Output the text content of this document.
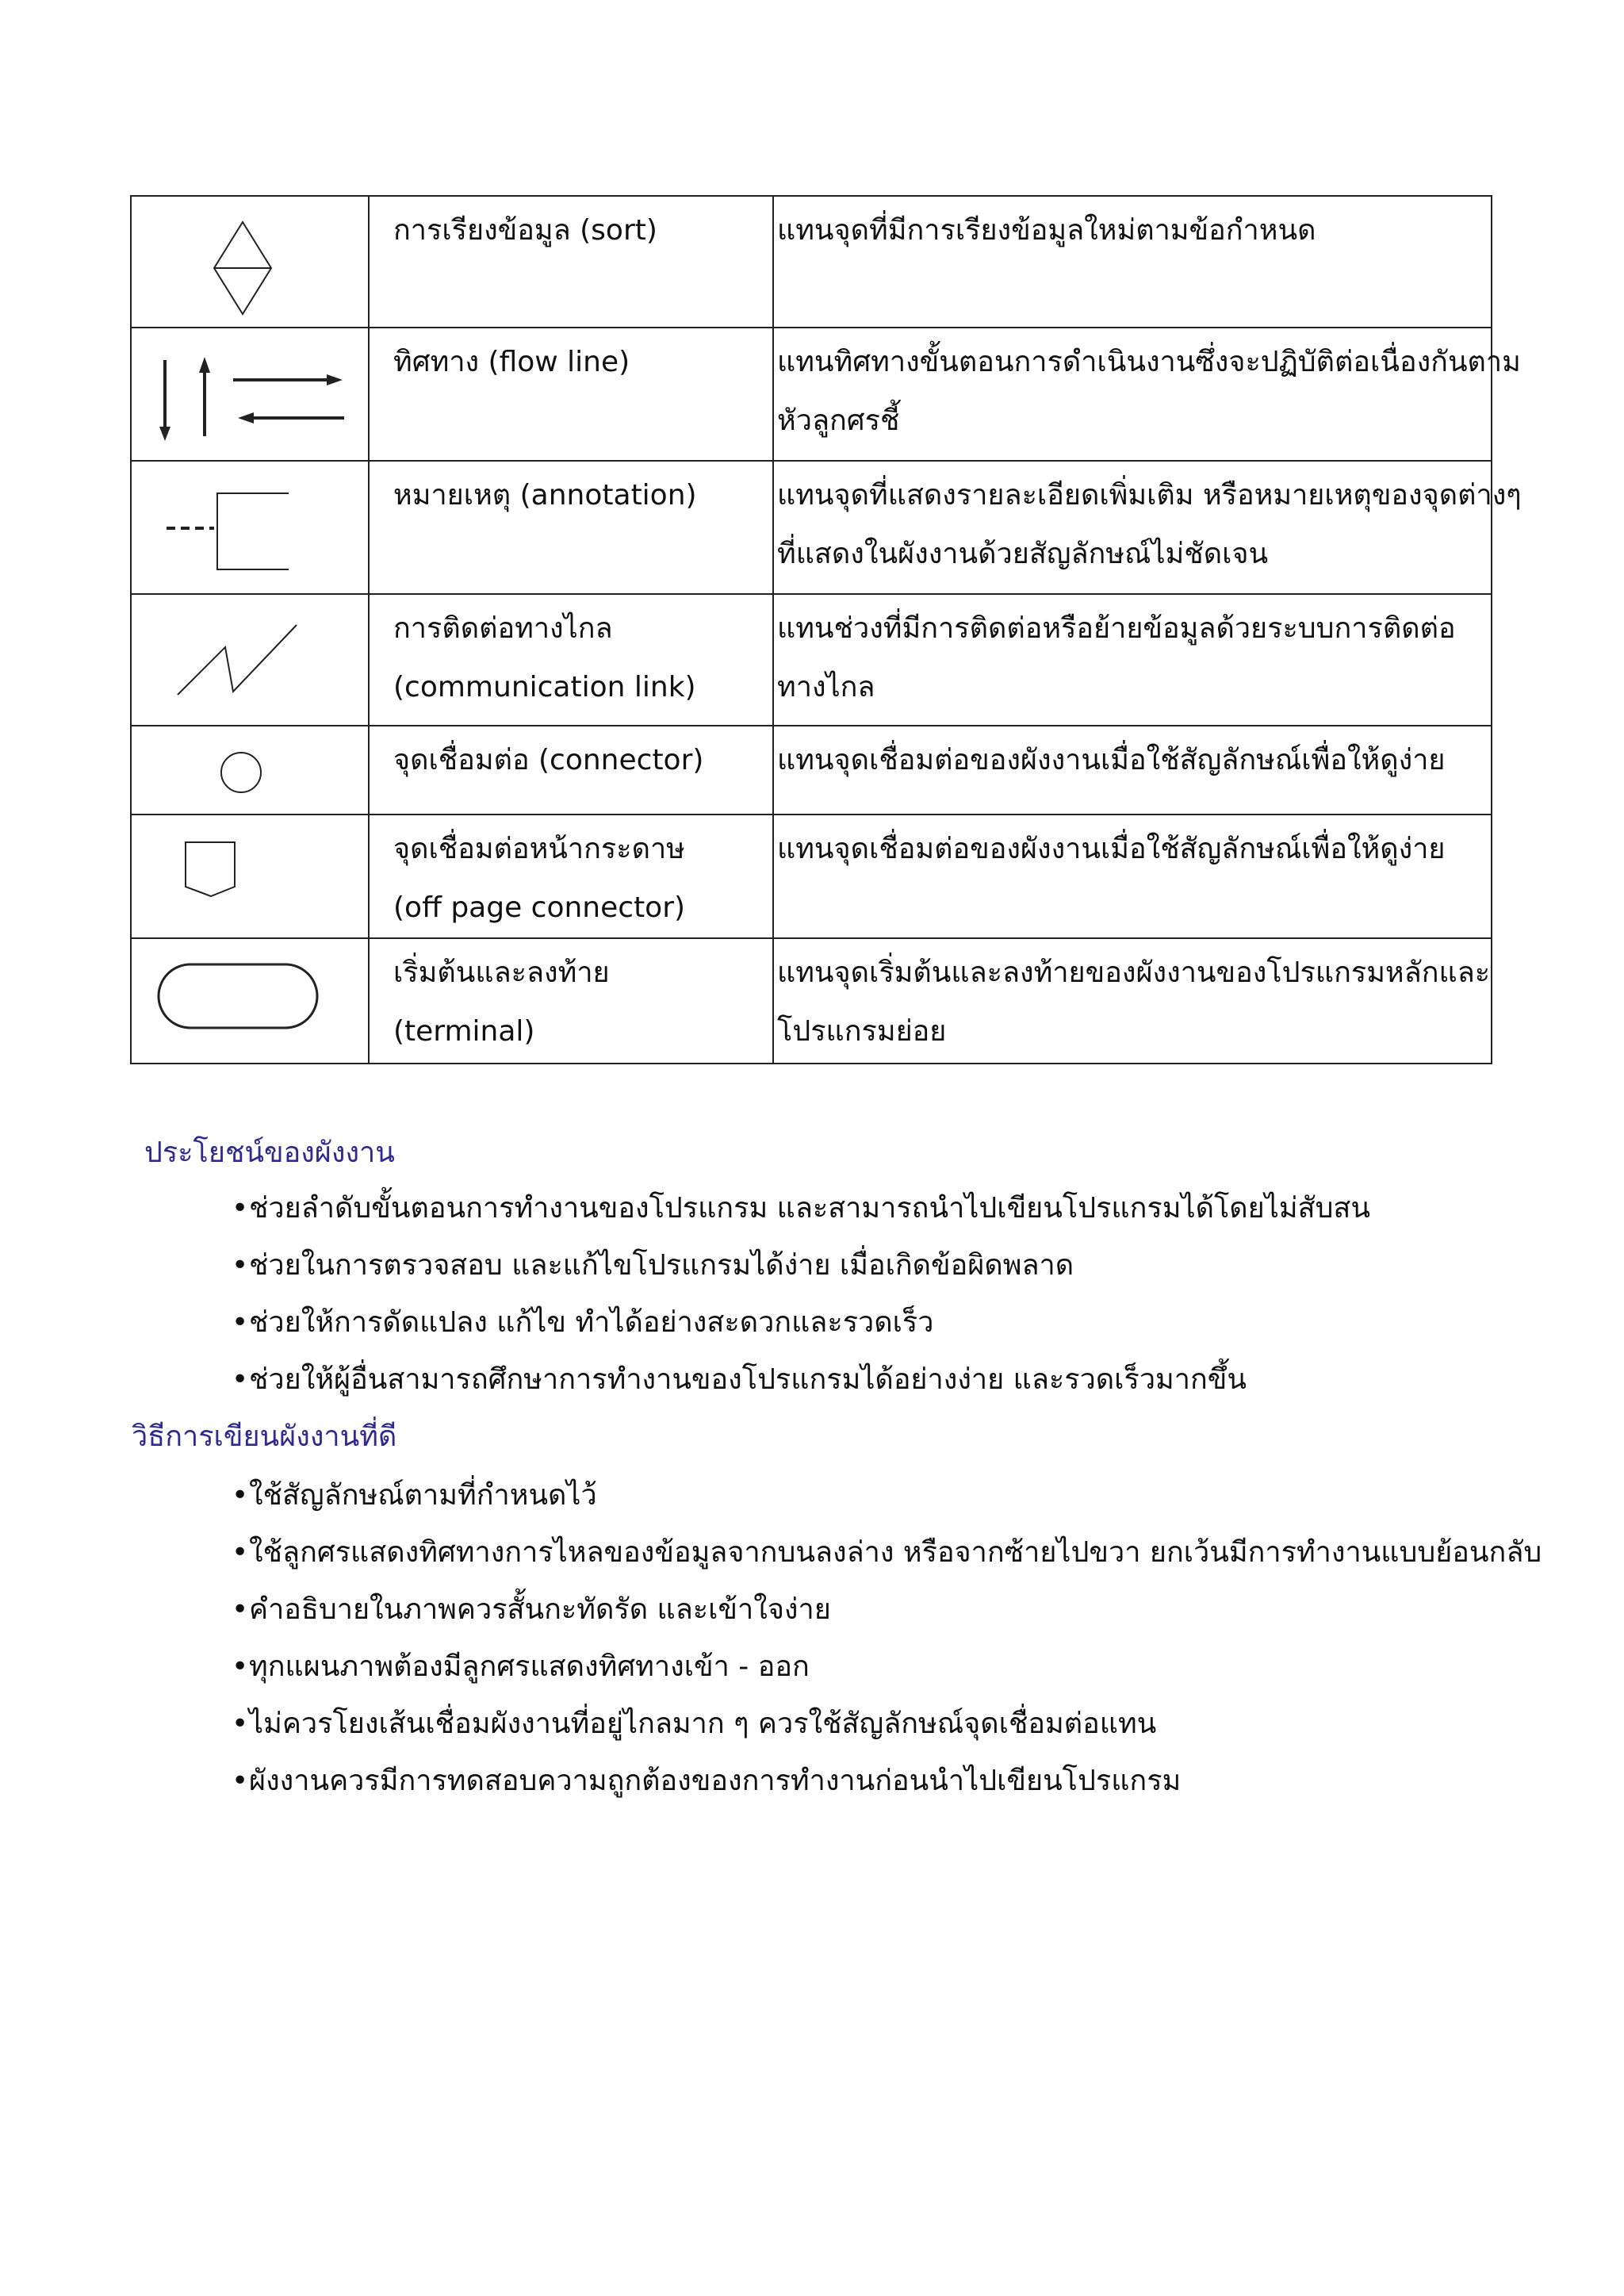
การเรียงข้อมูล (sort)	แทนจุดที่มีการเรียงข้อมูลใหม่ตามข้อกำหนด

ทิศทาง (flow line)	แทนทิศทางขั้นตอนการดำเนินงานซึ่งจะปฏิบัติต่อเนื่องกันตาม
หัวลูกศรชี้

หมายเหตุ (annotation)	แทนจุดที่แสดงรายละเอียดเพิ่มเติม หรือหมายเหตุของจุดต่างๆ
ที่แสดงในผังงานด้วยสัญลักษณ์ไม่ชัดเจน

การติดต่อทางไกล
(communication link)	แทนช่วงที่มีการติดต่อหรือย้ายข้อมูลด้วยระบบการติดต่อ
ทางไกล

จุดเชื่อมต่อ (connector)	แทนจุดเชื่อมต่อของผังงานเมื่อใช้สัญลักษณ์เพื่อให้ดูง่าย

จุดเชื่อมต่อหน้ากระดาษ
(off page connector)	แทนจุดเชื่อมต่อของผังงานเมื่อใช้สัญลักษณ์เพื่อให้ดูง่าย

เริ่มต้นและลงท้าย
(terminal)	แทนจุดเริ่มต้นและลงท้ายของผังงานของโปรแกรมหลักและ
โปรแกรมย่อย
ประโยชน์ของผังงาน
•ช่วยลำดับขั้นตอนการทำงานของโปรแกรม และสามารถนำไปเขียนโปรแกรมได้โดยไม่สับสน
•ช่วยในการตรวจสอบ และแก้ไขโปรแกรมได้ง่าย เมื่อเกิดข้อผิดพลาด
•ช่วยให้การดัดแปลง แก้ไข ทำได้อย่างสะดวกและรวดเร็ว
•ช่วยให้ผู้อื่นสามารถศึกษาการทำงานของโปรแกรมได้อย่างง่าย และรวดเร็วมากขึ้น
วิธีการเขียนผังงานที่ดี
•ใช้สัญลักษณ์ตามที่กำหนดไว้
•ใช้ลูกศรแสดงทิศทางการไหลของข้อมูลจากบนลงล่าง หรือจากซ้ายไปขวา ยกเว้นมีการทำงานแบบย้อนกลับ
•คำอธิบายในภาพควรสั้นกะทัดรัด และเข้าใจง่าย
•ทุกแผนภาพต้องมีลูกศรแสดงทิศทางเข้า - ออก
•ไม่ควรโยงเส้นเชื่อมผังงานที่อยู่ไกลมาก ๆ ควรใช้สัญลักษณ์จุดเชื่อมต่อแทน
•ผังงานควรมีการทดสอบความถูกต้องของการทำงานก่อนนำไปเขียนโปรแกรม
